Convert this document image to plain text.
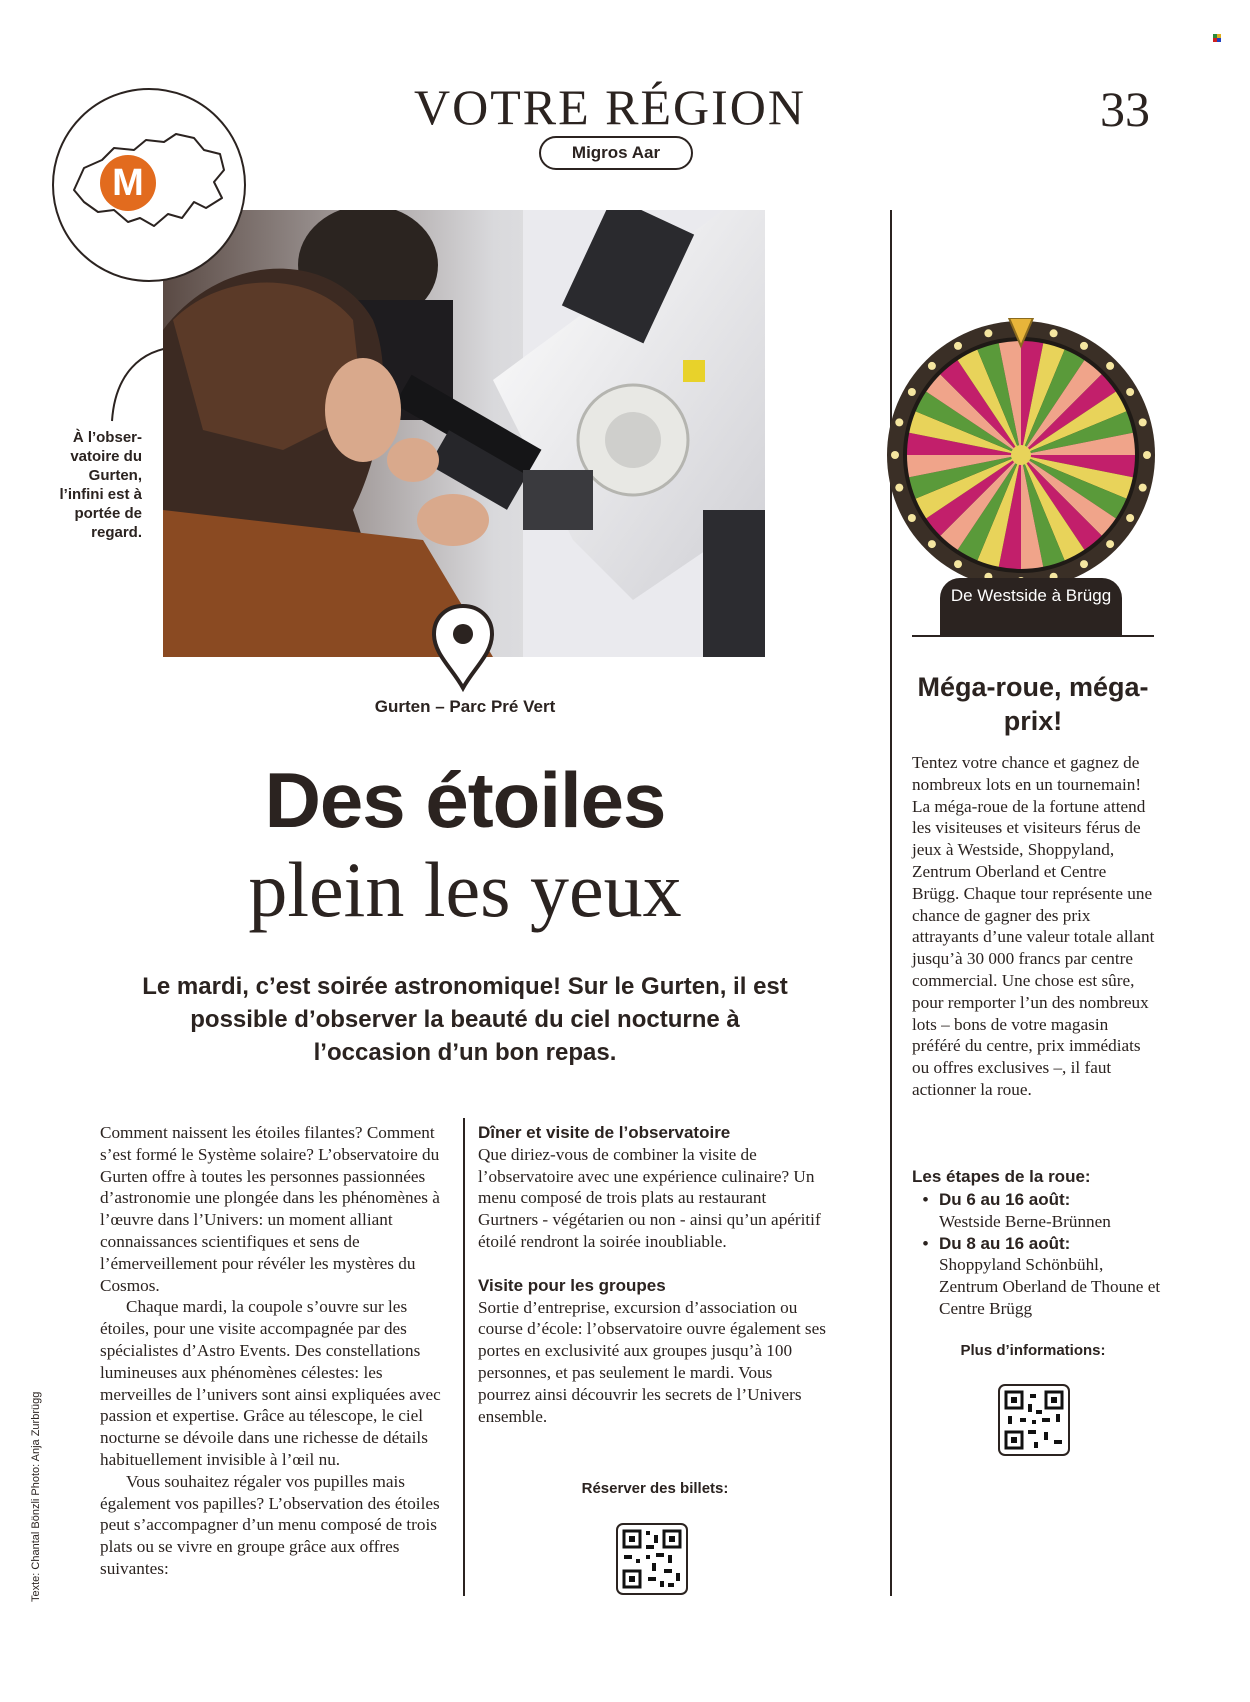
VOTRE RÉGION
Migros Aar
33
M
À l’obser-vatoire du Gurten, l’infini est à portée de regard.
Gurten – Parc Pré Vert
Des étoiles
plein les yeux
Le mardi, c’est soirée astronomique! Sur le Gurten, il est possible d’observer la beauté du ciel nocturne à l’occasion d’un bon repas.

Comment naissent les étoiles filantes? Comment s’est formé le Système solaire? L’observatoire du Gurten offre à toutes les personnes passionnées d’astronomie une plongée dans les phénomènes à l’œuvre dans l’Univers: un moment alliant connaissances scientifiques et sens de l’émerveillement pour révéler les mystères du Cosmos.

Chaque mardi, la coupole s’ouvre sur les étoiles, pour une visite accompagnée par des spécialistes d’Astro Events. Des constellations lumineuses aux phénomènes célestes: les merveilles de l’univers sont ainsi expliquées avec passion et expertise. Grâce au télescope, le ciel nocturne se dévoile dans une richesse de détails habituellement invisible à l’œil nu.

Vous souhaitez régaler vos pupilles mais également vos papilles? L’observation des étoiles peut s’accompagner d’un menu composé de trois plats ou se vivre en groupe grâce aux offres suivantes:

Dîner et visite de l’observatoire

Que diriez-vous de combiner la visite de l’observatoire avec une expérience culinaire? Un menu composé de trois plats au restaurant Gurtners - végétarien ou non - ainsi qu’un apéritif étoilé rendront la soirée inoubliable.

Visite pour les groupes

Sortie d’entreprise, excursion d’association ou course d’école: l’observatoire ouvre également ses portes en exclusivité aux groupes jusqu’à 100 personnes, et pas seulement le mardi. Vous pourrez ainsi découvrir les secrets de l’Univers ensemble.

Réserver des billets:
De Westside à Brügg
Méga-roue, méga-prix!
Tentez votre chance et gagnez de nombreux lots en un tournemain! La méga-roue de la fortune attend les visiteuses et visiteurs férus de jeux à Westside, Shoppyland, Zentrum Oberland et Centre Brügg. Chaque tour représente une chance de gagner des prix attrayants d’une valeur totale allant jusqu’à 30 000 francs par centre commercial. Une chose est sûre, pour remporter l’un des nombreux lots – bons de votre magasin préféré du centre, prix immédiats ou offres exclusives –, il faut actionner la roue.
Les étapes de la roue:
• Du 6 au 16 août:
Westside Berne-Brünnen
• Du 8 au 16 août:
Shoppyland Schönbühl, Zentrum Oberland de Thoune et Centre Brügg
Plus d’informations:
Texte: Chantal Bönzli Photo: Anja Zurbrügg
